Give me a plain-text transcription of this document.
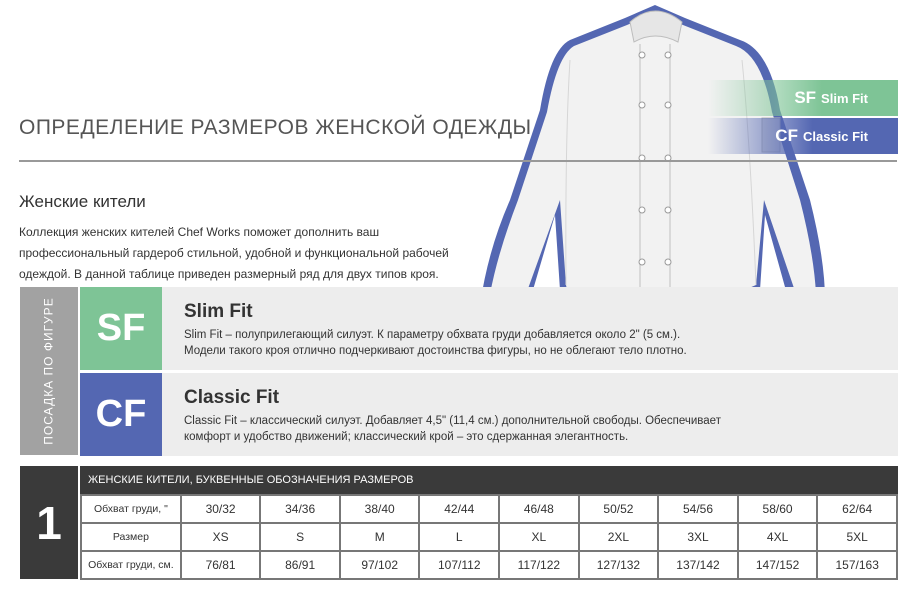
SF Slim Fit
CF Classic Fit
ОПРЕДЕЛЕНИЕ РАЗМЕРОВ ЖЕНСКОЙ ОДЕЖДЫ
Женские кители
Коллекция женских кителей Chef Works поможет дополнить ваш профессиональный гардероб стильной, удобной и функциональной рабочей одеждой. В данной таблице приведен размерный ряд для двух типов кроя.
ПОСАДКА ПО ФИГУРЕ	SF	Slim Fit
Slim Fit – полуприлегающий силуэт. К параметру обхвата груди добавляется около 2" (5 см.).
Модели такого кроя отлично подчеркивают достоинства фигуры, но не облегают тело плотно.
CF	Classic Fit
Classic Fit – классический силуэт. Добавляет 4,5" (11,4 см.) дополнительной свободы. Обеспечивает
комфорт и удобство движений; классический крой – это сдержанная элегантность.
1
ЖЕНСКИЕ КИТЕЛИ, БУКВЕННЫЕ ОБОЗНАЧЕНИЯ РАЗМЕРОВ
Обхват груди, "	30/32	34/36	38/40	42/44	46/48	50/52	54/56	58/60	62/64
Размер	XS	S	M	L	XL	2XL	3XL	4XL	5XL
Обхват груди, см.	76/81	86/91	97/102	107/112	117/122	127/132	137/142	147/152	157/163
